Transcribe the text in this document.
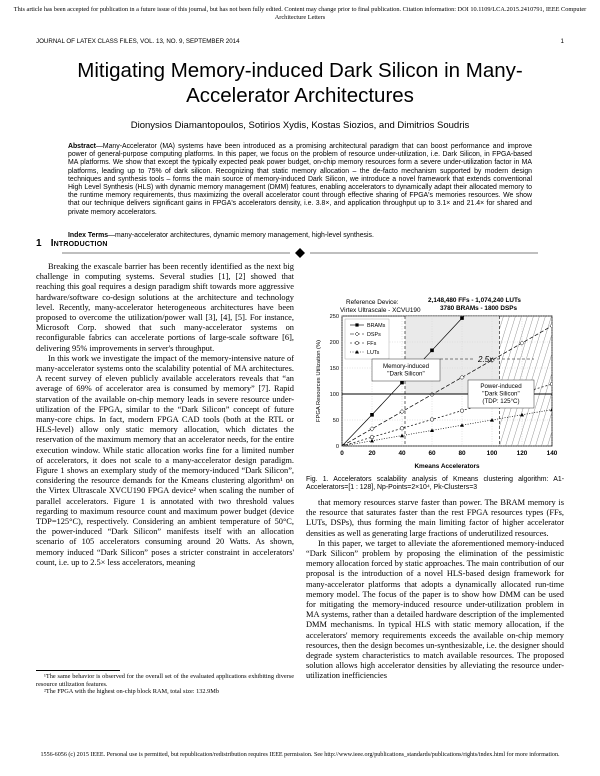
This article has been accepted for publication in a future issue of this journal, but has not been fully edited. Content may change prior to final publication. Citation information: DOI 10.1109/LCA.2015.2410791, IEEE Computer Architecture Letters
JOURNAL OF LATEX CLASS FILES, VOL. 13, NO. 9, SEPTEMBER 2014	1
Mitigating Memory-induced Dark Silicon in Many-Accelerator Architectures
Dionysios Diamantopoulos, Sotirios Xydis, Kostas Siozios, and Dimitrios Soudris
Abstract—Many-Accelerator (MA) systems have been introduced as a promising architectural paradigm that can boost performance and improve power of general-purpose computing platforms. In this paper, we focus on the problem of resource under-utilization, i.e. Dark Silicon, in FPGA-based MA platforms. We show that except the typically expected peak power budget, on-chip memory resources form a severe under-utilization factor in MA platforms, leading up to 75% of dark silicon. Recognizing that static memory allocation – the de-facto mechanism supported by modern design techniques and synthesis tools – forms the main source of memory-induced Dark Silicon, we introduce a novel framework that extends conventional High Level Synthesis (HLS) with dynamic memory management (DMM) features, enabling accelerators to dynamically adapt their allocated memory to the runtime memory requirements, thus maximizing the overall accelerator count through effective sharing of FPGA's memories resources. We show that our technique delivers significant gains in FPGA's accelerators density, i.e. 3.8×, and application throughput up to 3.1× and 21.4× for shared and private memory accelerators.
Index Terms—many-accelerator architectures, dynamic memory management, high-level synthesis.
1 Introduction

Breaking the exascale barrier has been recently identified as the next big challenge in computing systems. Several studies [1], [2] showed that reaching this goal requires a design paradigm shift towards more aggressive hardware/software co-design solutions at the architecture and technology level. Recently, many-accelerator heterogeneous architectures have been proposed to overcome the utilization/power wall [3], [4], [5]. For instance, Microsoft Corp. showed that such many-accelerator systems on reconfigurable fabrics can accelerate portions of large-scale software [6], delivering 95% improvements in server's throughput.

In this work we investigate the impact of the memory-intensive nature of many-accelerator systems onto the scalability potential of MA architectures. A recent survey of eleven publicly available accelerators reveals that “an average of 69% of accelerator area is consumed by memory” [7]. Rapid starvation of the available on-chip memory leads in severe resource under-utilization of the FPGA, similar to the “Dark Silicon” concept of future many-core chips. In fact, modern FPGA CAD tools (both at the RTL or HLS-level) allow only static memory allocation, which dictates the reservation of the maximum memory that an accelerator needs, for the entire execution window. While static allocation works fine for a limited number of accelerators, it does not scale to a many-accelerator design paradigm. Figure 1 shows an exemplary study of the memory-induced “Dark Silicon”, considering the resource demands for the Kmeans clustering algorithm¹ on the Virtex Ultrascale XVCU190 FPGA device² when scaling the number of parallel accelerators. Figure 1 is annotated with two threshold values regarding to maximum resource count and maximum power budget (device TDP=125°C), respectively. Considering an ambient temperature of 50°C, the power-induced “Dark Silicon” manifests itself with an allocation scenario of 105 accelerators consuming around 20 Watts. As shown, memory induced “Dark Silicon” poses a stricter constraint in accelerators' count, i.e. up to 2.5× less accelerators, meaning

¹The same behavior is observed for the overall set of the evaluated applications exhibiting diverse resource utilization features.

²The FPGA with the highest on-chip block RAM, total size: 132.9Mb

Reference Device:
Virtex Ultrascale - XCVU190
2,148,480 FFs - 1,074,240 LUTs
3780 BRAMs - 1800 DSPs
0
50
100
150
200
250
0	20	40	60	80	100	120	140
BRAMs
DSPs
FFs
LUTs
2.5x
Memory-induced "Dark Silicon"
Power-induced "Dark Silicon" (TDP: 125°C)
FPGA Resources Utilization (%)
Kmeans Accelerators
Fig. 1. Accelerators scalability analysis of Kmeans clustering algorithm: A1-Accelerators=[1 : 128], Np-Points=2×10⁴, Pk-Clusters=3

that memory resources starve faster than power. The BRAM memory is the resource that saturates faster than the rest FPGA resources types (FFs, LUTs, DSPs), thus forming the main limiting factor of higher accelerator densities as well as generating large fractions of underutilized resources.

In this paper, we target to alleviate the aforementioned memory-induced “Dark Silicon” problem by proposing the elimination of the pessimistic memory allocation forced by static approaches. The main contribution of our proposal is the introduction of a novel HLS-based design framework for many-accelerator platforms that adopts a dynamically allocated run-time memory model. The focus of the paper is to show how DMM can be used for mitigating the memory-induced resource under-utilization problem in MA systems, rather than a detailed hardware description of the implemented DMM mechanisms. In typical HLS with static memory allocation, if the accelerators' memory requirements exceeds the available on-chip memory resources, then the design becomes un-synthesizable, i.e. the designer should degrade system characteristics to match available resources. The proposed solution allows high accelerator densities by alleviating the resource under-utilization inefficiencies

1556-6056 (c) 2015 IEEE. Personal use is permitted, but republication/redistribution requires IEEE permission. See http://www.ieee.org/publications_standards/publications/rights/index.html for more information.
